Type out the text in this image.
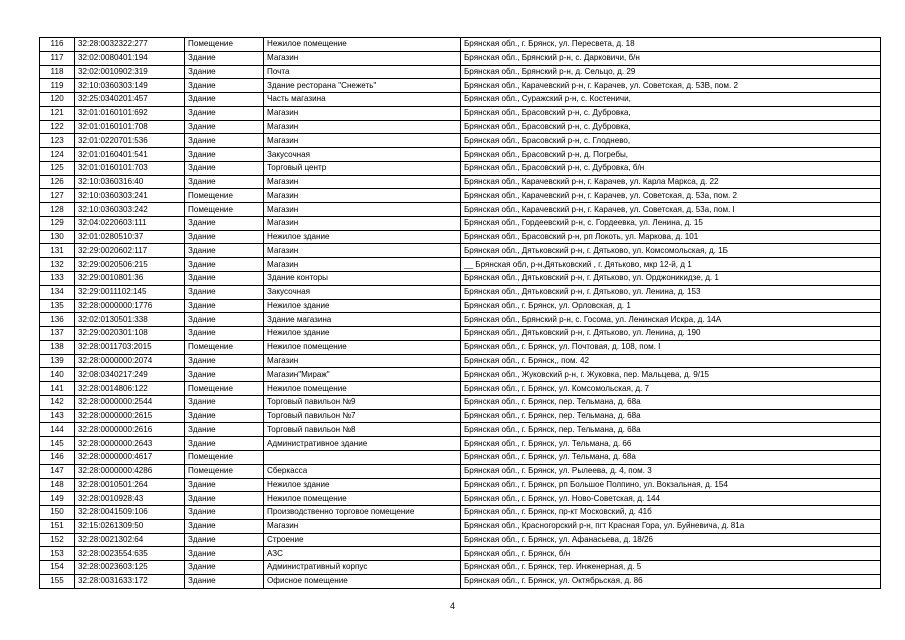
116	32:28:0032322:277	Помещение	Нежилое помещение	Брянская обл., г. Брянск, ул. Пересвета, д. 18
117	32:02:0080401:194	Здание	Магазин	Брянская обл., Брянский р-н, с. Дарковичи, б/н
118	32:02:0010902:319	Здание	Почта	Брянская обл., Брянский р-н, д. Сельцо, д. 29
119	32:10:0360303:149	Здание	Здание ресторана "Снежеть"	Брянская обл., Карачевский р-н, г. Карачев, ул. Советская, д. 53В, пом. 2
120	32:25:0340201:457	Здание	Часть магазина	Брянская обл., Суражский р-н, с. Костеничи,
121	32:01:0160101:692	Здание	Магазин	Брянская обл., Брасовский р-н, с. Дубровка,
122	32:01:0160101:708	Здание	Магазин	Брянская обл., Брасовский р-н, с. Дубровка,
123	32:01:0220701:536	Здание	Магазин	Брянская обл., Брасовский р-н, с. Глоднево,
124	32:01:0160401:541	Здание	Закусочная	Брянская обл., Брасовский р-н, д. Погребы,
125	32:01:0160101:703	Здание	Торговый центр	Брянская обл., Брасовский р-н, с. Дубровка, б/н
126	32:10:0360316:40	Здание	Магазин	Брянская обл., Карачевский р-н, г. Карачев, ул. Карла Маркса, д. 22
127	32:10:0360303:241	Помещение	Магазин	Брянская обл., Карачевский р-н, г. Карачев, ул. Советская, д. 53а, пом. 2
128	32:10:0360303:242	Помещение	Магазин	Брянская обл., Карачевский р-н, г. Карачев, ул. Советская, д. 53а, пом. I
129	32:04:0220603:111	Здание	Магазин	Брянская обл., Гордеевский р-н, с. Гордеевка, ул. Ленина, д. 15
130	32:01:0280510:37	Здание	Нежилое здание	Брянская обл., Брасовский р-н, рп Локоть, ул. Маркова, д. 101
131	32:29:0020602:117	Здание	Магазин	Брянская обл., Дятьковский р-н, г. Дятьково, ул. Комсомольская, д. 1Б
132	32:29:0020506:215	Здание	Магазин	__ Брянская обл, р-н.Дятьковский , г. Дятьково, мкр 12-й, д 1
133	32:29:0010801:36	Здание	Здание конторы	Брянская обл., Дятьковский р-н, г. Дятьково, ул. Орджоникидзе, д. 1
134	32:29:0011102:145	Здание	Закусочная	Брянская обл., Дятьковский р-н, г. Дятьково, ул. Ленина, д. 153
135	32:28:0000000:1776	Здание	Нежилое здание	Брянская обл., г. Брянск, ул. Орловская, д. 1
136	32:02:0130501:338	Здание	Здание магазина	Брянская обл., Брянский р-н, с. Госома, ул. Ленинская Искра, д. 14А
137	32:29:0020301:108	Здание	Нежилое здание	Брянская обл., Дятьковский р-н, г. Дятьково, ул. Ленина, д. 190
138	32:28:0011703:2015	Помещение	Нежилое помещение	Брянская обл., г. Брянск, ул. Почтовая, д. 108, пом. I
139	32:28:0000000:2074	Здание	Магазин	Брянская обл., г. Брянск,, пом. 42
140	32:08:0340217:249	Здание	Магазин"Мираж"	Брянская обл., Жуковский р-н, г. Жуковка, пер. Мальцева, д. 9/15
141	32:28:0014806:122	Помещение	Нежилое помещение	Брянская обл., г. Брянск, ул. Комсомольская, д. 7
142	32:28:0000000:2544	Здание	Торговый павильон №9	Брянская обл., г. Брянск, пер. Тельмана, д. 68а
143	32:28:0000000:2615	Здание	Торговый павильон №7	Брянская обл., г. Брянск, пер. Тельмана, д. 68а
144	32:28:0000000:2616	Здание	Торговый павильон №8	Брянская обл., г. Брянск, пер. Тельмана, д. 68а
145	32:28:0000000:2643	Здание	Административное здание	Брянская обл., г. Брянск, ул. Тельмана, д. 66
146	32:28:0000000:4617	Помещение		Брянская обл., г. Брянск, ул. Тельмана, д. 68а
147	32:28:0000000:4286	Помещение	Сберкасса	Брянская обл., г. Брянск, ул. Рылеева, д. 4, пом. 3
148	32:28:0010501:264	Здание	Нежилое здание	Брянская обл., г. Брянск, рп Большое Полпино, ул. Вокзальная, д. 154
149	32:28:0010928:43	Здание	Нежилое помещение	Брянская обл., г. Брянск, ул. Ново-Советская, д. 144
150	32:28:0041509:106	Здание	Производственно торговое помещение	Брянская обл., г. Брянск, пр-кт Московский, д. 41б
151	32:15:0261309:50	Здание	Магазин	Брянская обл., Красногорский р-н, пгт Красная Гора, ул. Буйневича, д. 81а
152	32:28:0021302:64	Здание	Строение	Брянская обл., г. Брянск, ул. Афанасьева, д. 18/26
153	32:28:0023554:635	Здание	АЗС	Брянская обл., г. Брянск, б/н
154	32:28:0023603:125	Здание	Административный корпус	Брянская обл., г. Брянск, тер. Инженерная, д. 5
155	32:28:0031633:172	Здание	Офисное помещение	Брянская обл., г. Брянск, ул. Октябрьская, д. 86
4
